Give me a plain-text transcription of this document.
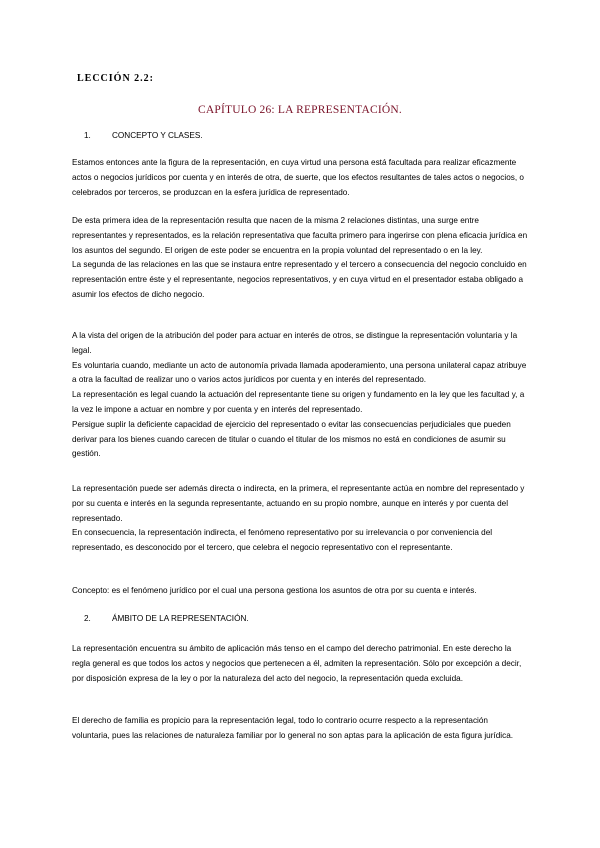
LECCIÓN 2.2:
CAPÍTULO 26: LA REPRESENTACIÓN.
1.	CONCEPTO Y CLASES.

Estamos entonces ante la figura de la representación, en cuya virtud una persona está facultada para realizar eficazmente actos o negocios jurídicos por cuenta y en interés de otra, de suerte, que los efectos resultantes de tales actos o negocios, o celebrados por terceros, se produzcan en la esfera jurídica de representado.

De esta primera idea de la representación resulta que nacen de la misma 2 relaciones distintas, una surge entre representantes y representados, es la relación representativa que faculta primero para ingerirse con plena eficacia jurídica en los asuntos del segundo. El origen de este poder se encuentra en la propia voluntad del representado o en la ley.

La segunda de las relaciones en las que se instaura entre representado y el tercero a consecuencia del negocio concluido en representación entre éste y el representante, negocios representativos, y en cuya virtud en el presentador estaba obligado a asumir los efectos de dicho negocio.

A la vista del origen de la atribución del poder para actuar en interés de otros, se distingue la representación voluntaria y la legal.

Es voluntaria cuando, mediante un acto de autonomía privada llamada apoderamiento, una persona unilateral capaz atribuye a otra la facultad de realizar uno o varios actos jurídicos por cuenta y en interés del representado.

La representación es legal cuando la actuación del representante tiene su origen y fundamento en la ley que les facultad y, a la vez le impone a actuar en nombre y por cuenta y en interés del representado.

Persigue suplir la deficiente capacidad de ejercicio del representado o evitar las consecuencias perjudiciales que pueden derivar para los bienes cuando carecen de titular o cuando el titular de los mismos no está en condiciones de asumir su gestión.

La representación puede ser además directa o indirecta, en la primera, el representante actúa en nombre del representado y por su cuenta e interés en la segunda representante, actuando en su propio nombre, aunque en interés y por cuenta del representado.

En consecuencia, la representación indirecta, el fenómeno representativo por su irrelevancia o por conveniencia del representado, es desconocido por el tercero, que celebra el negocio representativo con el representante.

Concepto: es el fenómeno jurídico por el cual una persona gestiona los asuntos de otra por su cuenta e interés.

2.	ÁMBITO DE LA REPRESENTACIÓN.

La representación encuentra su ámbito de aplicación más tenso en el campo del derecho patrimonial. En este derecho la regla general es que todos los actos y negocios que pertenecen a él, admiten la representación. Sólo por excepción a decir, por disposición expresa de la ley o por la naturaleza del acto del negocio, la representación queda excluida.

El derecho de familia es propicio para la representación legal, todo lo contrario ocurre respecto a la representación voluntaria, pues las relaciones de naturaleza familiar por lo general no son aptas para la aplicación de esta figura jurídica.
